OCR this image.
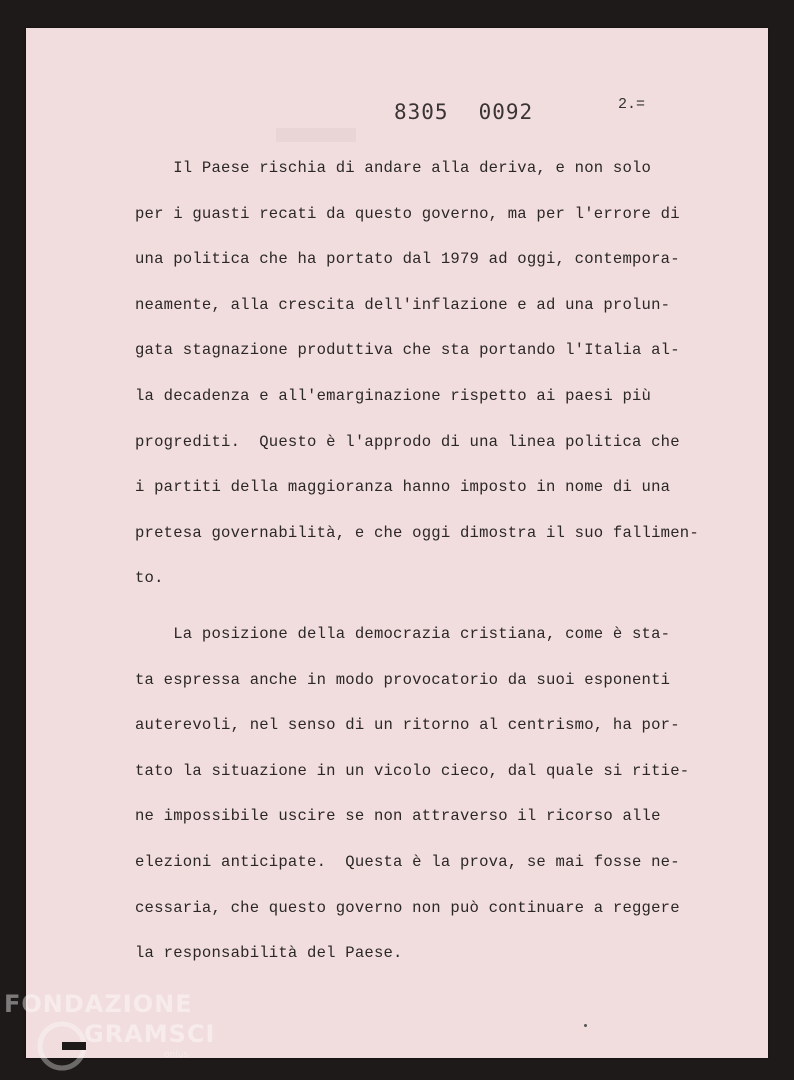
8305 0092	2.=
Il Paese rischia di andare alla deriva, e non solo
per i guasti recati da questo governo, ma per l'errore di
una politica che ha portato dal 1979 ad oggi, contempora-
neamente, alla crescita dell'inflazione e ad una prolun-
gata stagnazione produttiva che sta portando l'Italia al-
la decadenza e all'emarginazione rispetto ai paesi più
progrediti.  Questo è l'approdo di una linea politica che
i partiti della maggioranza hanno imposto in nome di una
pretesa governabilità, e che oggi dimostra il suo fallimen-
to.
La posizione della democrazia cristiana, come è sta-
ta espressa anche in modo provocatorio da suoi esponenti
auterevoli, nel senso di un ritorno al centrismo, ha por-
tato la situazione in un vicolo cieco, dal quale si ritie-
ne impossibile uscire se non attraverso il ricorso alle
elezioni anticipate.  Questa è la prova, se mai fosse ne-
cessaria, che questo governo non può continuare a reggere
la responsabilità del Paese.
FONDAZIONE
GRAMSCI
onlus
